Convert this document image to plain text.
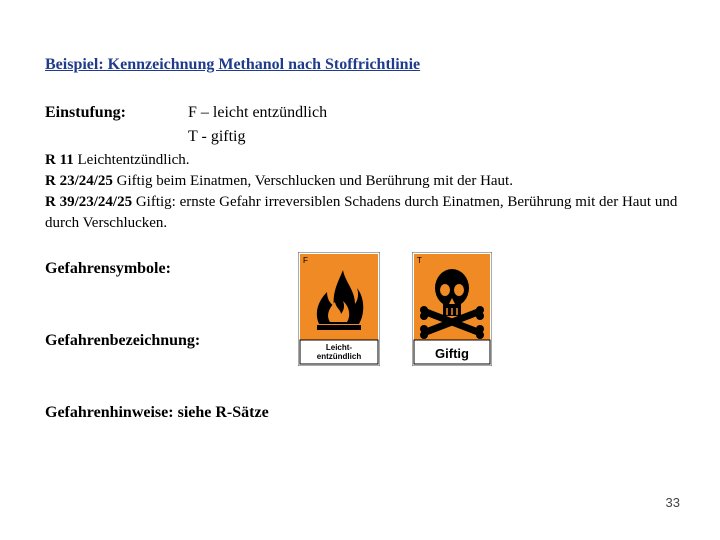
Beispiel: Kennzeichnung Methanol nach Stoffrichtlinie
Einstufung:	F – leicht entzündlich
T - giftig
R 11 Leichtentzündlich.
R 23/24/25 Giftig beim Einatmen, Verschlucken und Berührung mit der Haut.
R 39/23/24/25 Giftig: ernste Gefahr irreversiblen Schadens durch Einatmen, Berührung mit der Haut und durch Verschlucken.
Gefahrensymbole:
Gefahrenbezeichnung:
Gefahrenhinweise: siehe R-Sätze
F
Leicht-
entzündlich
T
Giftig
33
